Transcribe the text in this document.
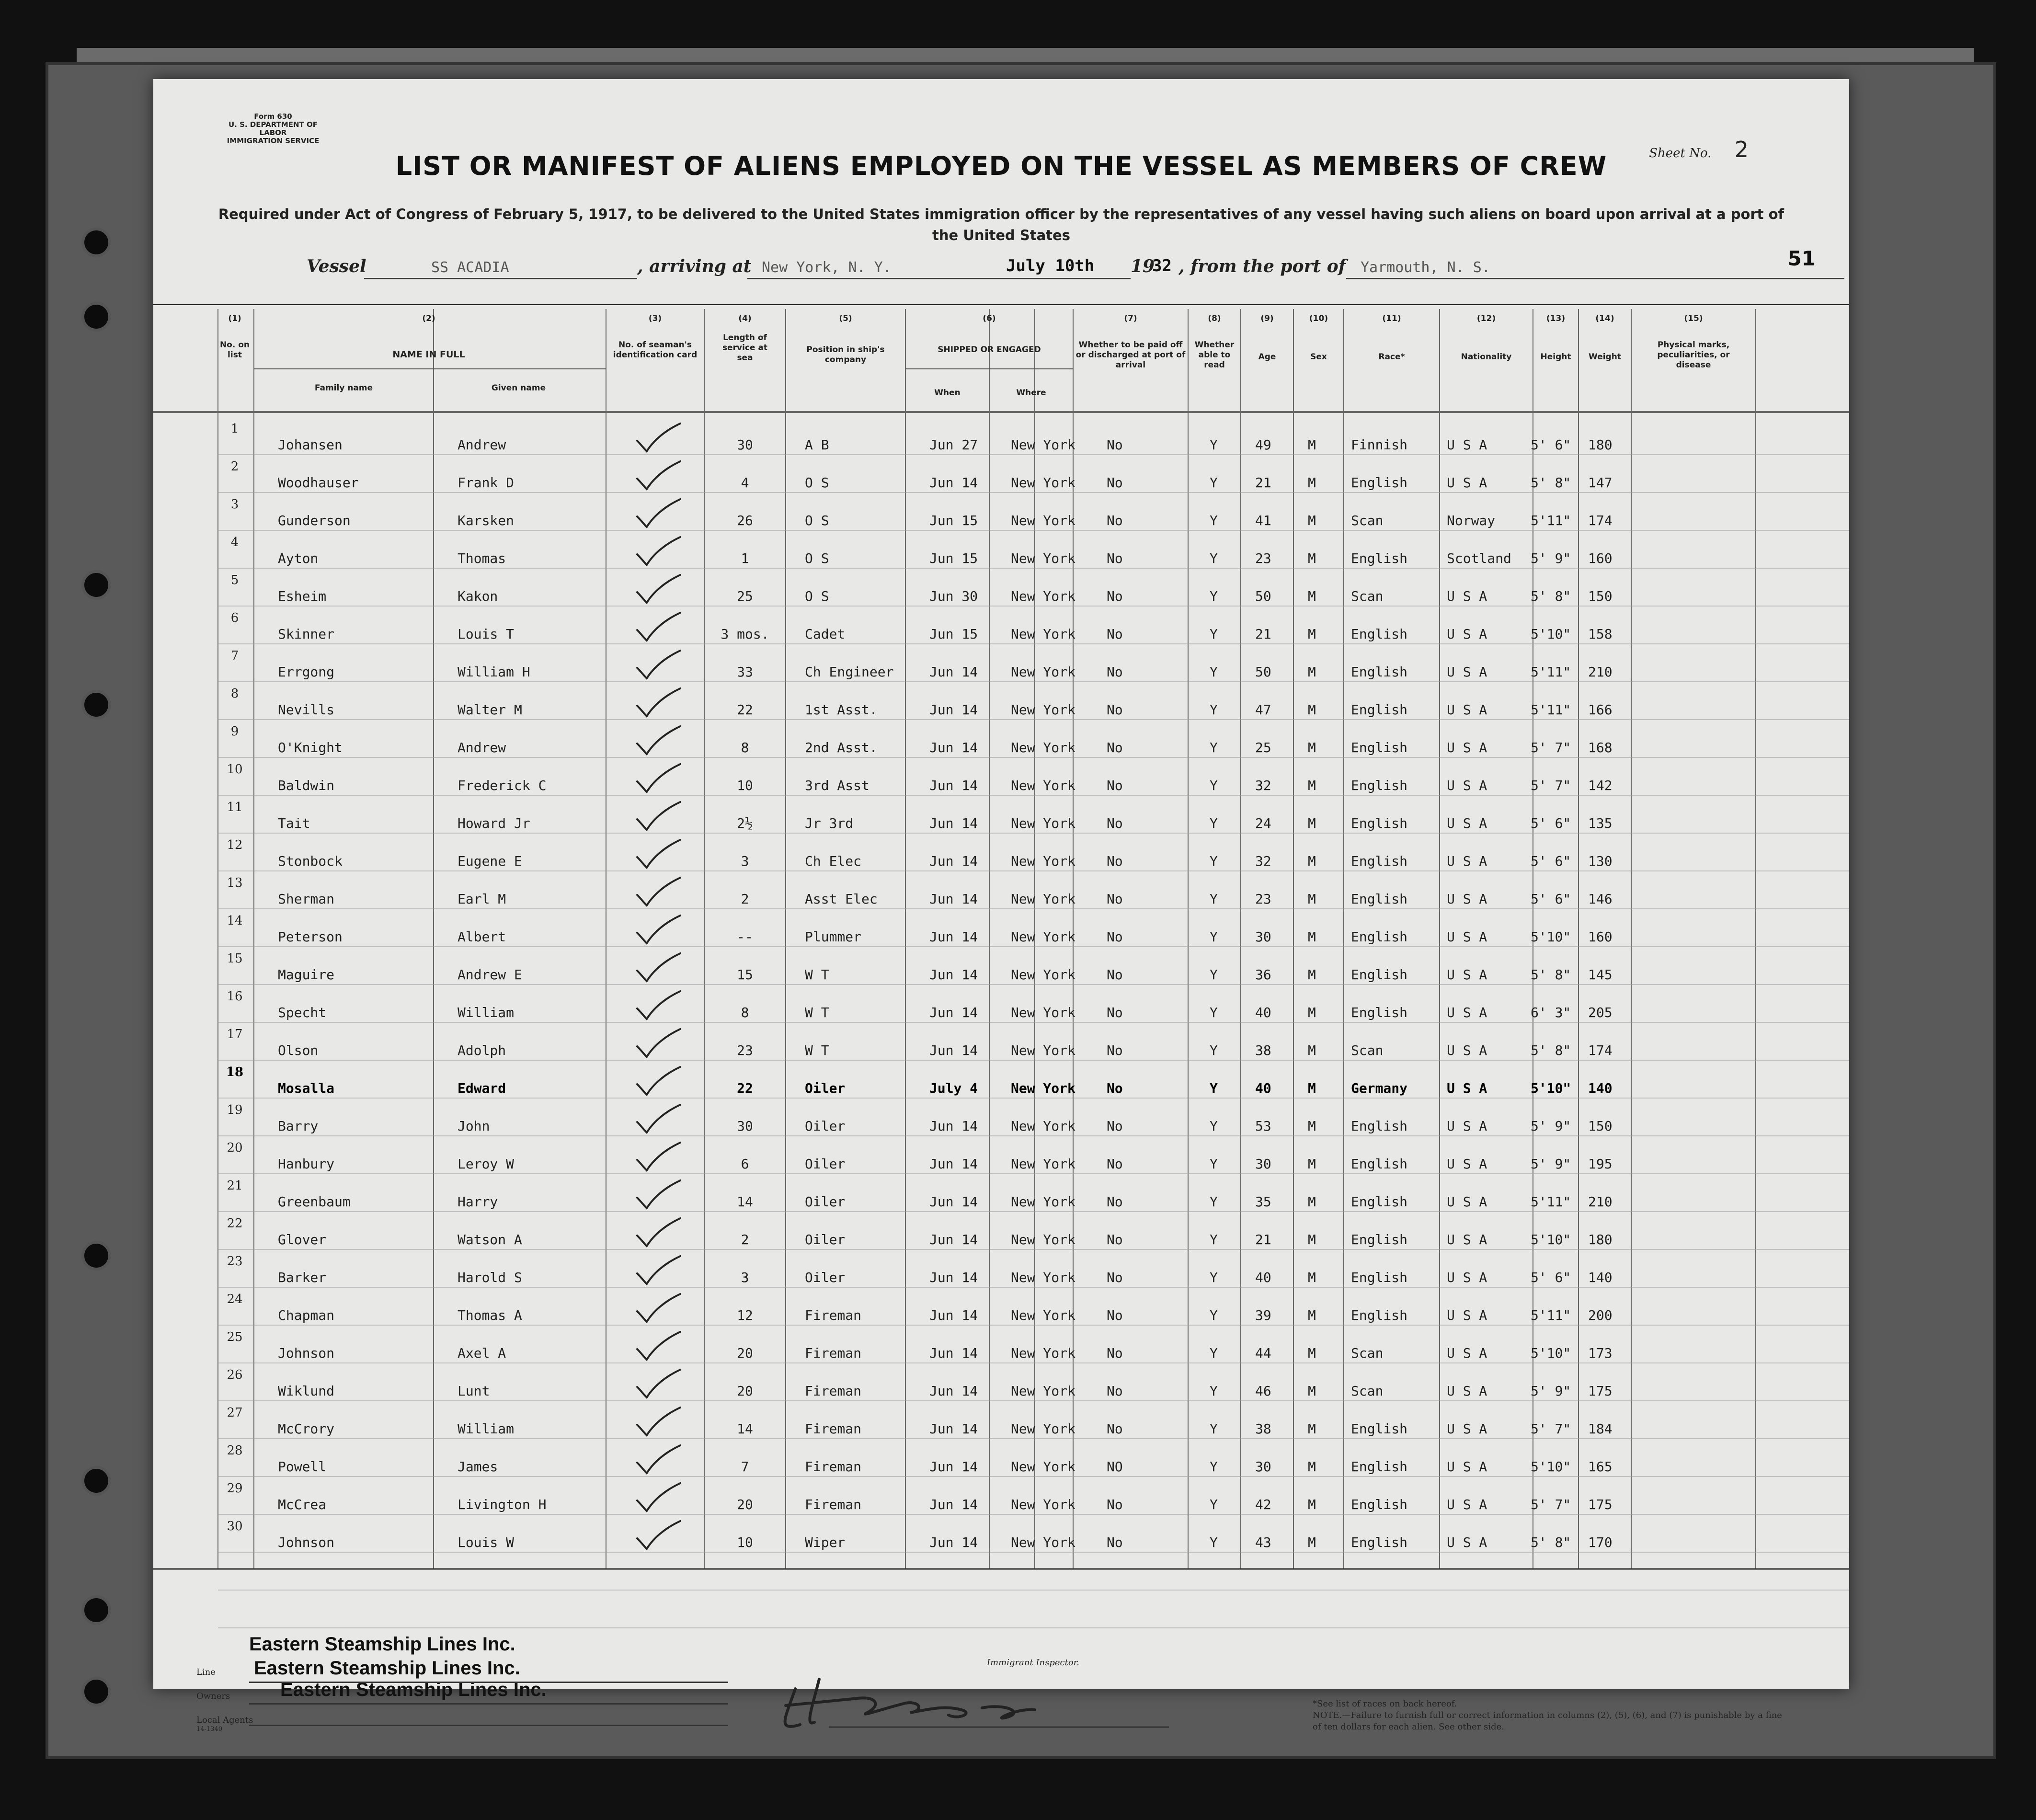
Form 630
U. S. DEPARTMENT OF LABOR
IMMIGRATION SERVICE
Sheet No. 2
LIST OR MANIFEST OF ALIENS EMPLOYED ON THE VESSEL AS MEMBERS OF CREW
Required under Act of Congress of February 5, 1917, to be delivered to the United States immigration officer by the representatives of any vessel having such aliens on board upon arrival at a port of the United States
51
Vessel	SS ACADIA	, arriving at New York, N. Y.	July 10th 19
32 , from the port of Yarmouth, N. S.
(1)	(2)	(3)	(4)	(5)	(6)	(7)	(8)	(9)	(10)	(11)	(12)	(13)	(14)	(15)
No. on list	NAME IN FULL
Family name	Given name
No. of seaman's identification card
Length of service at sea
Position in ship's company
SHIPPED OR ENGAGED
When	Where
Whether to be paid off or discharged at port of arrival
Whether able to read
Age	Sex	Race*	Nationality	Height	Weight
Physical marks, peculiarities, or disease
1
Johansen	Andrew	30	A B	Jun 27 New York No	Y	49	M	Finnish	U S A	5' 6" 180
2
Woodhauser	Frank D	4	O S	Jun 14 New York No	Y	21	M	English	U S A	5' 8" 147
3
Gunderson	Karsken	26	O S	Jun 15 New York No	Y	41	M	Scan	Norway	5'11" 174
4
Ayton	Thomas	1	O S	Jun 15 New York No	Y	23	M	English	Scotland 5' 9" 160
5
Esheim	Kakon	25	O S	Jun 30 New York No	Y	50	M	Scan	U S A	5' 8" 150
6
Skinner	Louis T	3 mos.	Cadet	Jun 15 New York No	Y	21	M	English	U S A	5'10" 158
7
Errgong	William H	33	Ch Engineer	Jun 14 New York No	Y	50	M	English	U S A	5'11" 210
8
Nevills	Walter M	22	1st Asst.	Jun 14 New York No	Y	47	M	English	U S A	5'11" 166
9
O'Knight	Andrew	8	2nd Asst.	Jun 14 New York No	Y	25	M	English	U S A	5' 7" 168
10
Baldwin	Frederick C	10	3rd Asst	Jun 14 New York No	Y	32	M	English	U S A	5' 7" 142
11
Tait	Howard Jr	2½	Jr 3rd	Jun 14 New York No	Y	24	M	English	U S A	5' 6" 135
12
Stonbock	Eugene E	3	Ch Elec	Jun 14 New York No	Y	32	M	English	U S A	5' 6" 130
13
Sherman	Earl M	2	Asst Elec	Jun 14 New York No	Y	23	M	English	U S A	5' 6" 146
14
Peterson	Albert	--	Plummer	Jun 14 New York No	Y	30	M	English	U S A	5'10" 160
15
Maguire	Andrew E	15	W T	Jun 14 New York No	Y	36	M	English	U S A	5' 8" 145
16
Specht	William	8	W T	Jun 14 New York No	Y	40	M	English	U S A	6' 3" 205
17
Olson	Adolph	23	W T	Jun 14 New York No	Y	38	M	Scan	U S A	5' 8" 174
18
Mosalla	Edward	22	Oiler	July 4 New York No	Y	40	M	Germany	U S A	5'10" 140
19
Barry	John	30	Oiler	Jun 14 New York No	Y	53	M	English	U S A	5' 9" 150
20
Hanbury	Leroy W	6	Oiler	Jun 14 New York No	Y	30	M	English	U S A	5' 9" 195
21
Greenbaum	Harry	14	Oiler	Jun 14 New York No	Y	35	M	English	U S A	5'11" 210
22
Glover	Watson A	2	Oiler	Jun 14 New York No	Y	21	M	English	U S A	5'10" 180
23
Barker	Harold S	3	Oiler	Jun 14 New York No	Y	40	M	English	U S A	5' 6" 140
24
Chapman	Thomas A	12	Fireman	Jun 14 New York No	Y	39	M	English	U S A	5'11" 200
25
Johnson	Axel A	20	Fireman	Jun 14 New York No	Y	44	M	Scan	U S A	5'10" 173
26
Wiklund	Lunt	20	Fireman	Jun 14 New York No	Y	46	M	Scan	U S A	5' 9" 175
27
McCrory	William	14	Fireman	Jun 14 New York No	Y	38	M	English	U S A	5' 7" 184
28
Powell	James	7	Fireman	Jun 14 New York NO	Y	30	M	English	U S A	5'10" 165
29
McCrea	Livington H	20	Fireman	Jun 14 New York No	Y	42	M	English	U S A	5' 7" 175
30
Johnson	Louis W	10	Wiper	Jun 14 New York No	Y	43	M	English	U S A	5' 8" 170
Eastern Steamship Lines Inc.
Eastern Steamship Lines Inc.
Eastern Steamship Lines Inc.
Line
Owners
Local Agents
14-1340
Immigrant Inspector.
*See list of races on back hereof.
NOTE.—Failure to furnish full or correct information in columns (2), (5), (6), and (7) is punishable by a fine of ten dollars for each alien. See other side.
